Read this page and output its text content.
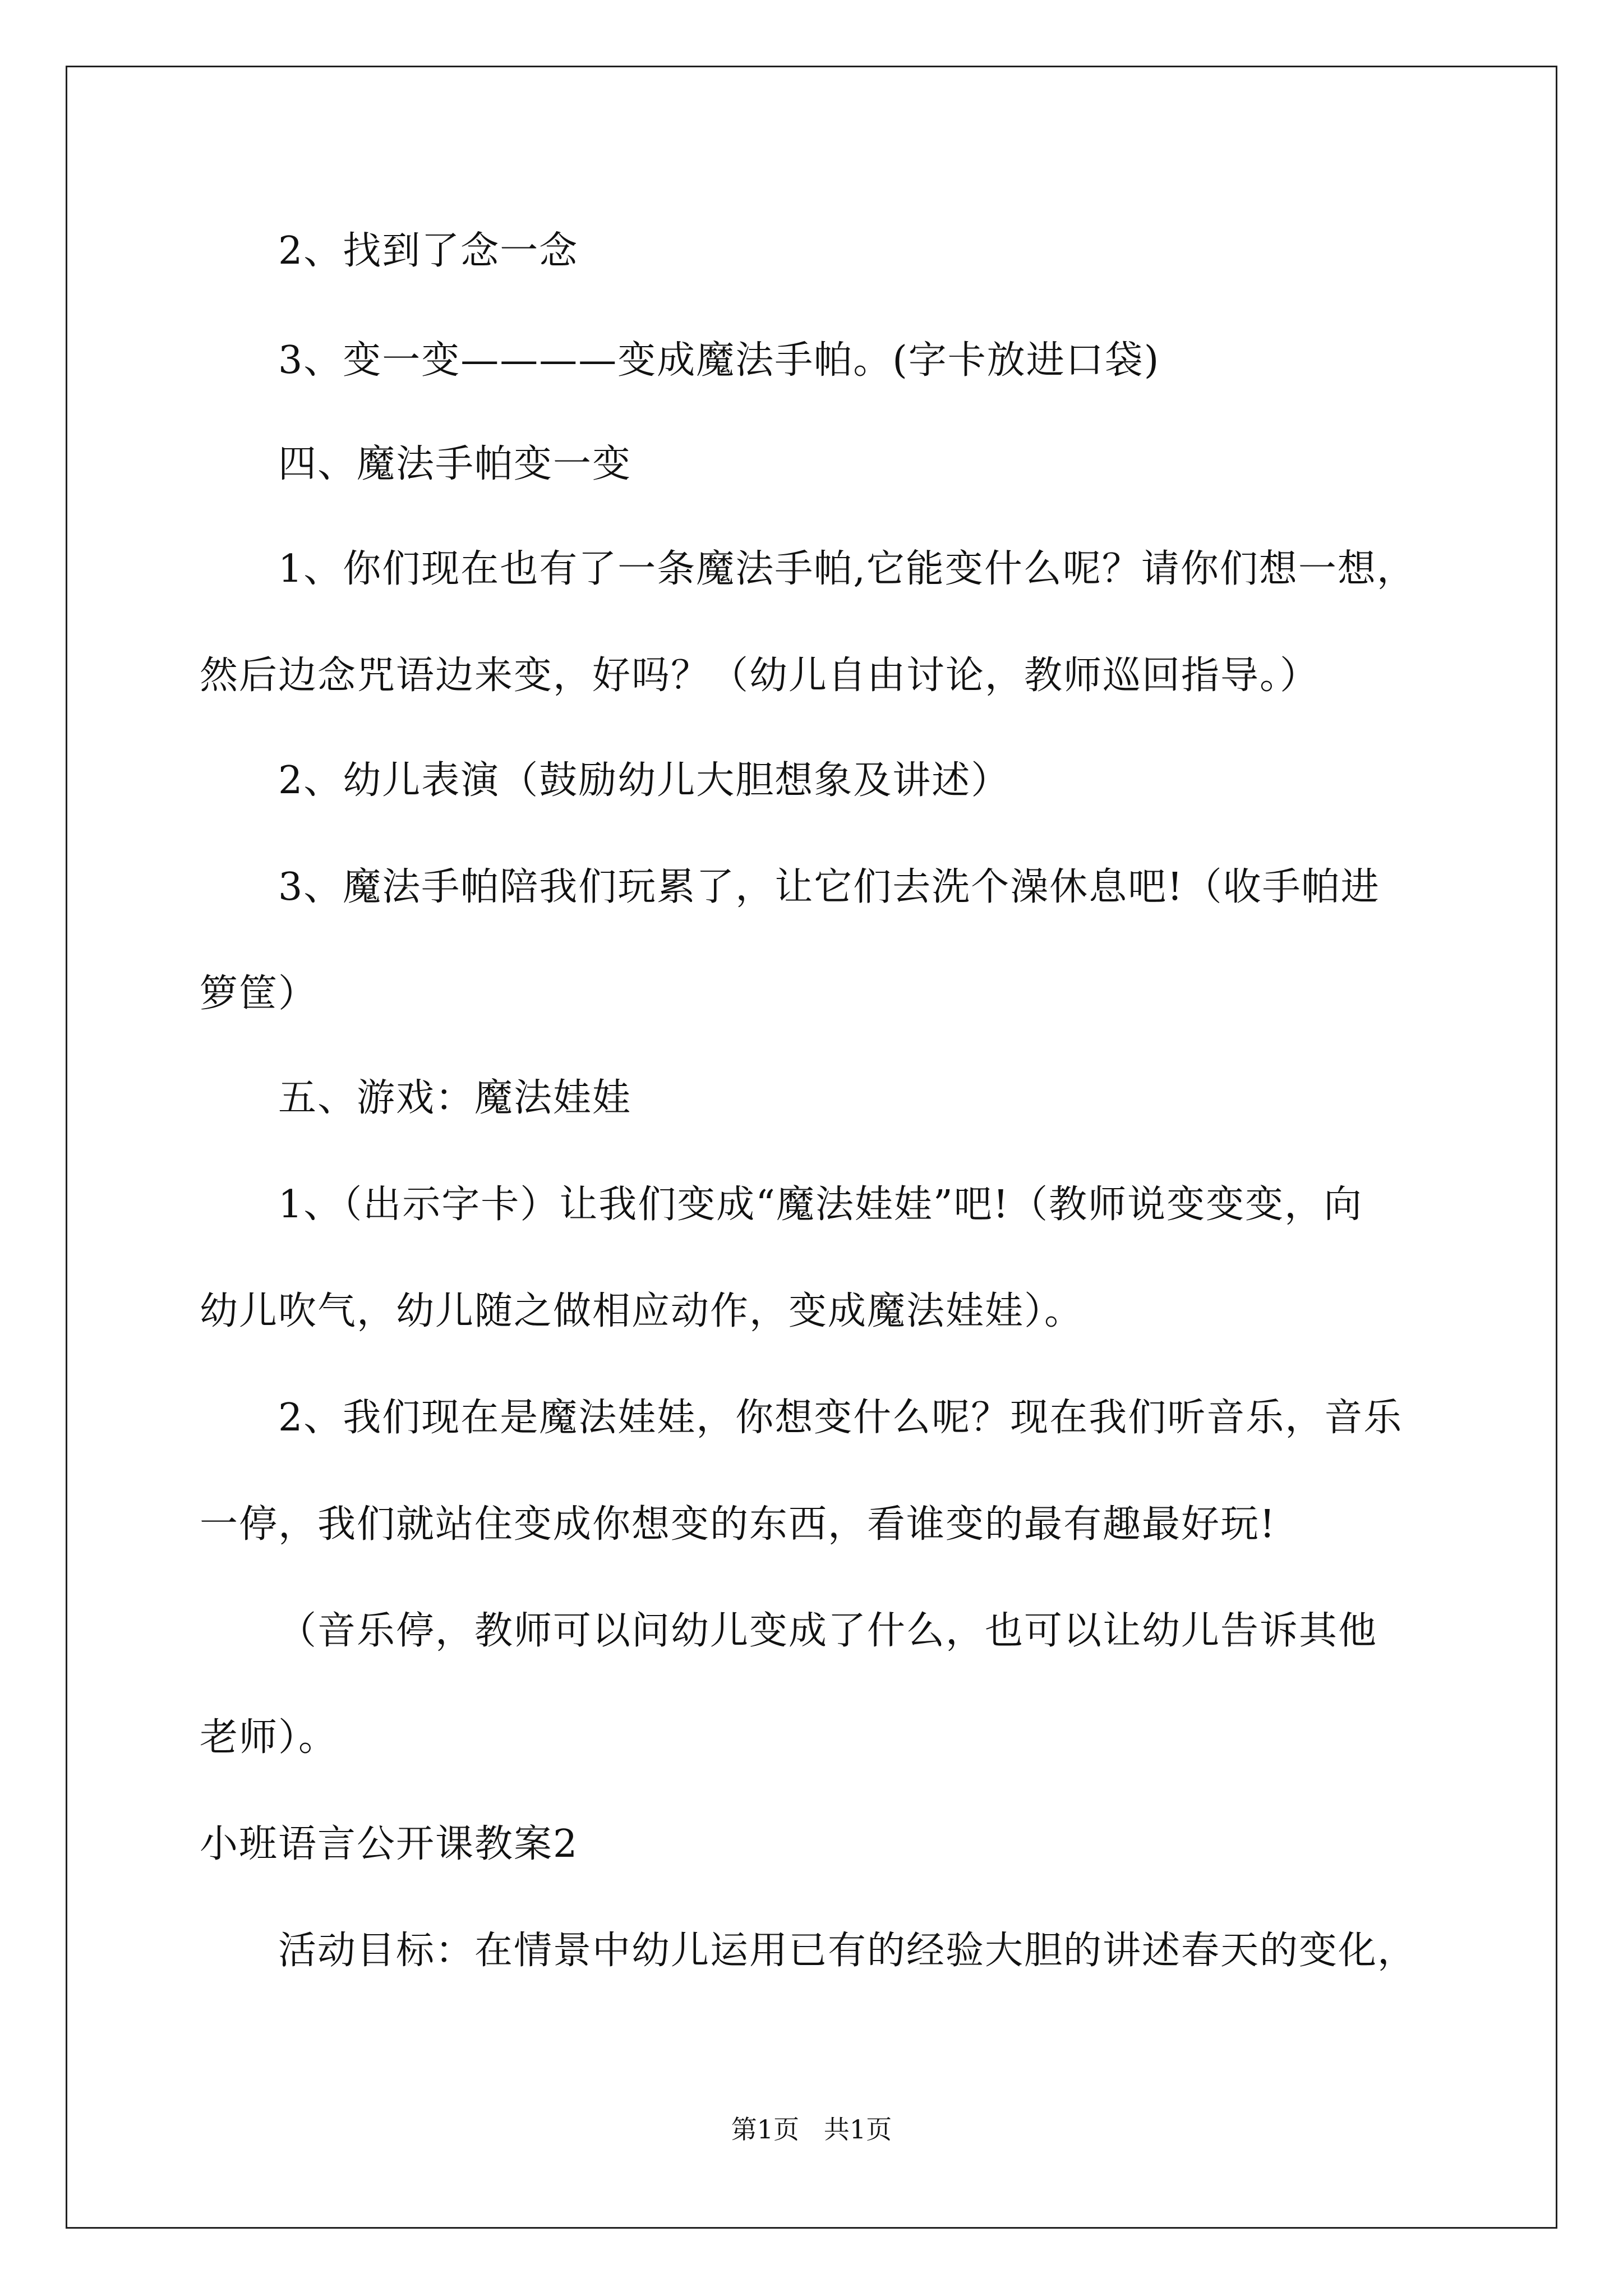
2、找到了念一念
3、变一变————变成魔法手帕。(字卡放进口袋)
四、魔法手帕变一变
1、你们现在也有了一条魔法手帕,它能变什么呢？请你们想一想，
然后边念咒语边来变，好吗？（幼儿自由讨论，教师巡回指导。）
2、幼儿表演（鼓励幼儿大胆想象及讲述）
3、魔法手帕陪我们玩累了，让它们去洗个澡休息吧!（收手帕进
箩筐）
五、游戏：魔法娃娃
1、（出示字卡）让我们变成“魔法娃娃”吧!（教师说变变变，向
幼儿吹气，幼儿随之做相应动作，变成魔法娃娃）。
2、我们现在是魔法娃娃，你想变什么呢？现在我们听音乐，音乐
一停，我们就站住变成你想变的东西，看谁变的最有趣最好玩!
（音乐停，教师可以问幼儿变成了什么，也可以让幼儿告诉其他
老师）。
小班语言公开课教案2
活动目标：在情景中幼儿运用已有的经验大胆的讲述春天的变化，
第1页   共1页
